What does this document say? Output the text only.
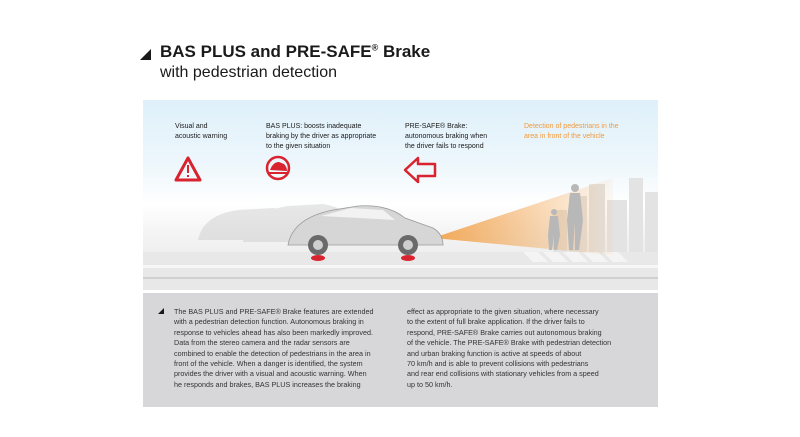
BAS PLUS and PRE-SAFE® Brake
with pedestrian detection
Visual and
acoustic warning
BAS PLUS: boosts inadequate
braking by the driver as appropriate
to the given situation
PRE-SAFE® Brake:
autonomous braking when
the driver fails to respond
Detection of pedestrians in the
area in front of the vehicle
The BAS PLUS and PRE-SAFE® Brake features are extended
with a pedestrian detection function. Autonomous braking in
response to vehicles ahead has also been markedly improved.
Data from the stereo camera and the radar sensors are
combined to enable the detection of pedestrians in the area in
front of the vehicle. When a danger is identified, the system
provides the driver with a visual and acoustic warning. When
he responds and brakes, BAS PLUS increases the braking
effect as appropriate to the given situation, where necessary
to the extent of full brake application. If the driver fails to
respond, PRE-SAFE® Brake carries out autonomous braking
of the vehicle. The PRE-SAFE® Brake with pedestrian detection
and urban braking function is active at speeds of about
70 km/h and is able to prevent collisions with pedestrians
and rear end collisions with stationary vehicles from a speed
up to 50 km/h.
